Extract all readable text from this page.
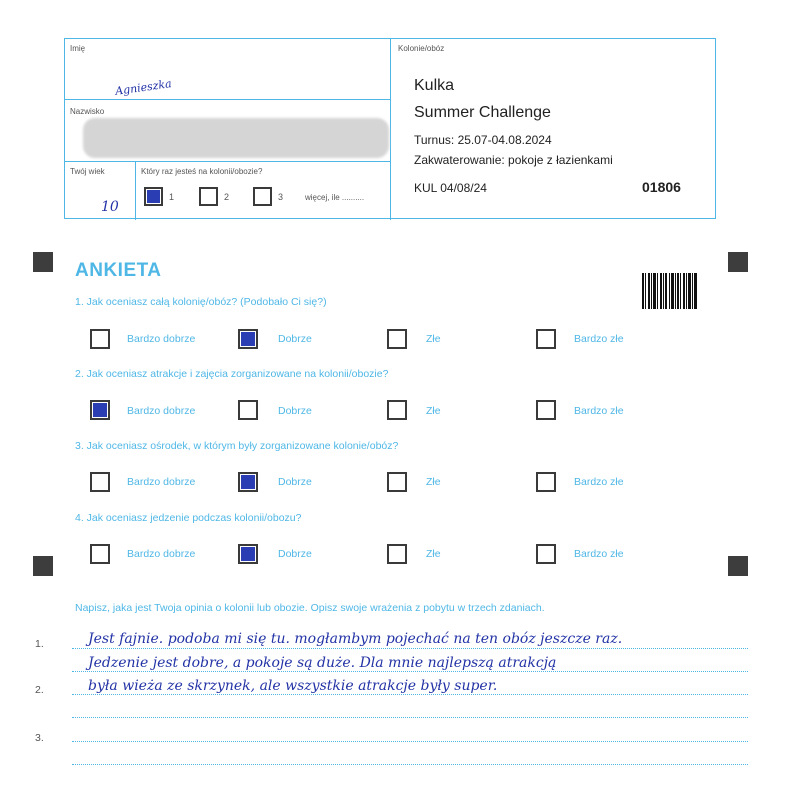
Imię
Agnieszka
Nazwisko
Twój wiek
10
Który raz jesteś na kolonii/obozie?
1	2	3	więcej, ile ..........
Kolonie/obóz
Kulka
Summer Challenge
Turnus: 25.07-04.08.2024
Zakwaterowanie: pokoje z łazienkami
KUL 04/08/24	01806
ANKIETA
1. Jak oceniasz całą kolonię/obóz? (Podobało Ci się?)
Bardzo dobrze	Dobrze	Złe	Bardzo złe
2. Jak oceniasz atrakcje i zajęcia zorganizowane na kolonii/obozie?
Bardzo dobrze	Dobrze	Złe	Bardzo złe
3. Jak oceniasz ośrodek, w którym były zorganizowane kolonie/obóz?
Bardzo dobrze	Dobrze	Złe	Bardzo złe
4. Jak oceniasz jedzenie podczas kolonii/obozu?
Bardzo dobrze	Dobrze	Złe	Bardzo złe
Napisz, jaka jest Twoja opinia o kolonii lub obozie. Opisz swoje wrażenia z pobytu w trzech zdaniach.
1.
2.
3.
Jest fajnie. podoba mi się tu. mogłambym pojechać na ten obóz jeszcze raz.
Jedzenie jest dobre, a pokoje są duże. Dla mnie najlepszą atrakcją
była wieża ze skrzynek, ale wszystkie atrakcje były super.
